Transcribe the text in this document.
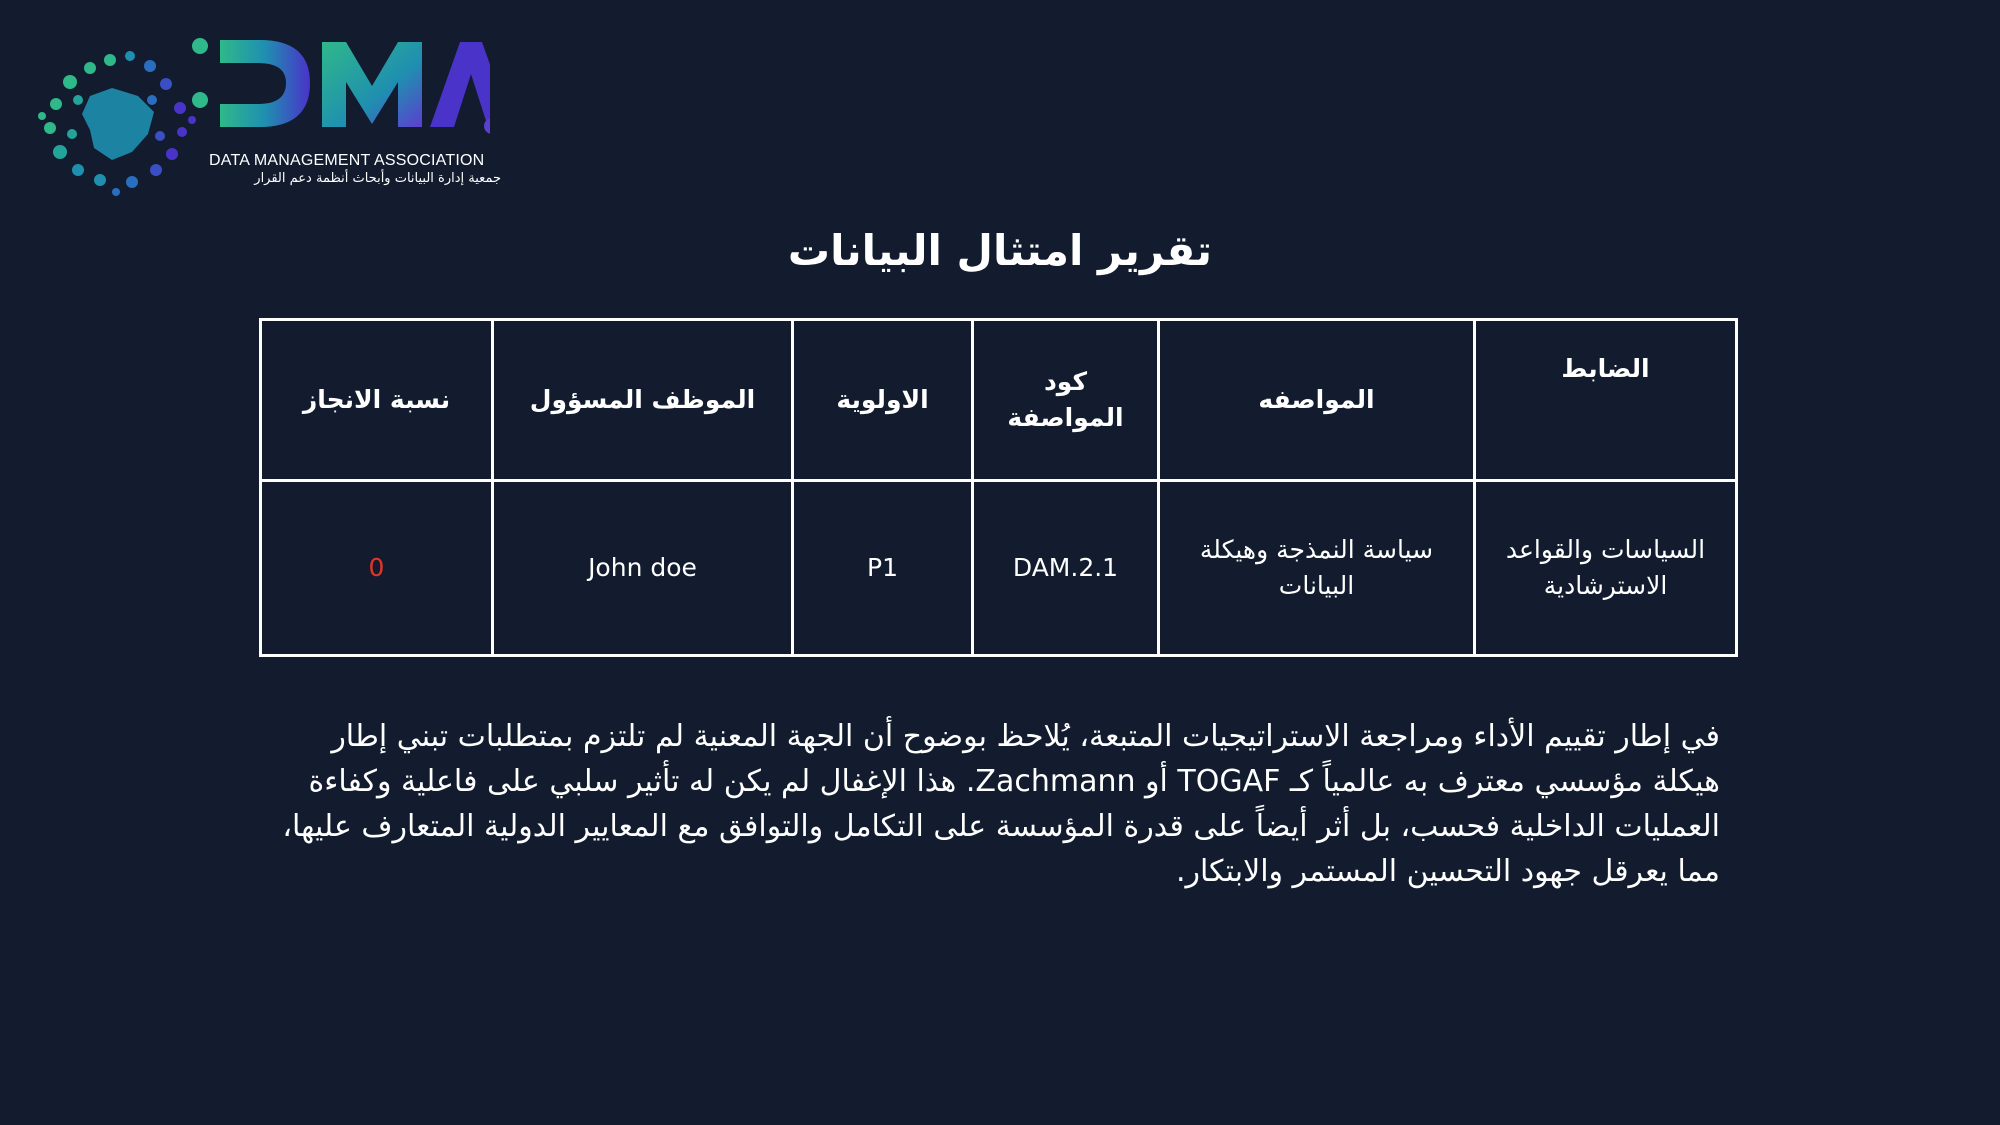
DATA MANAGEMENT ASSOCIATION
جمعية إدارة البيانات وأبحاث أنظمة دعم القرار
تقرير امتثال البيانات
الضابط	المواصفه	كود المواصفة	الاولوية	الموظف المسؤول	نسبة الانجاز
السياسات والقواعد الاسترشادية	سياسة النمذجة وهيكلة البيانات	DAM.2.1	P1	John doe	0

في إطار تقييم الأداء ومراجعة الاستراتيجيات المتبعة، يُلاحظ بوضوح أن الجهة المعنية لم تلتزم بمتطلبات تبني إطار هيكلة مؤسسي معترف به عالمياً كـ TOGAF أو Zachmann. هذا الإغفال لم يكن له تأثير سلبي على فاعلية وكفاءة العمليات الداخلية فحسب، بل أثر أيضاً على قدرة المؤسسة على التكامل والتوافق مع المعايير الدولية المتعارف عليها، مما يعرقل جهود التحسين المستمر والابتكار.
